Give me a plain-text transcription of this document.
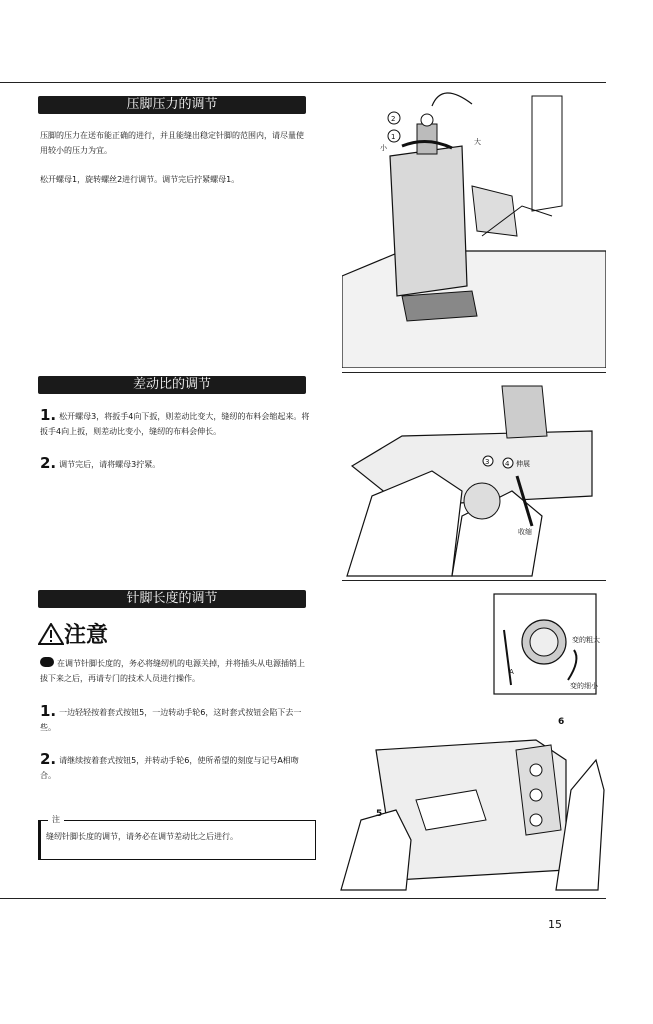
压脚压力的调节
压脚的压力在送布能正确的进行，并且能缝出稳定针脚的范围内，请尽量使用较小的压力为宜。
松开螺母1，旋转螺丝2进行调节。调节完后拧紧螺母1。
2
1
小
大
差动比的调节
1. 松开螺母3，将扳手4向下扳，则差动比变大，缝纫的布料会缩起来。将扳手4向上扳，则差动比变小，缝纫的布料会伸长。
2. 调节完后，请将螺母3拧紧。	3 4 伸展
收缩
针脚长度的调节
注意
在调节针脚长度的，务必将缝纫机的电源关掉，并将插头从电源插销上拔下来之后，再请专门的技术人员进行操作。
1. 一边轻轻按着套式按钮5，一边转动手轮6，这时套式按钮会陷下去一些。
2. 请继续按着套式按钮5，并转动手轮6，使所希望的刻度与记号A相吻合。
注
缝纫针脚长度的调节，请务必在调节差动比之后进行。
变的粗大
变的细小
A
6
5
15
